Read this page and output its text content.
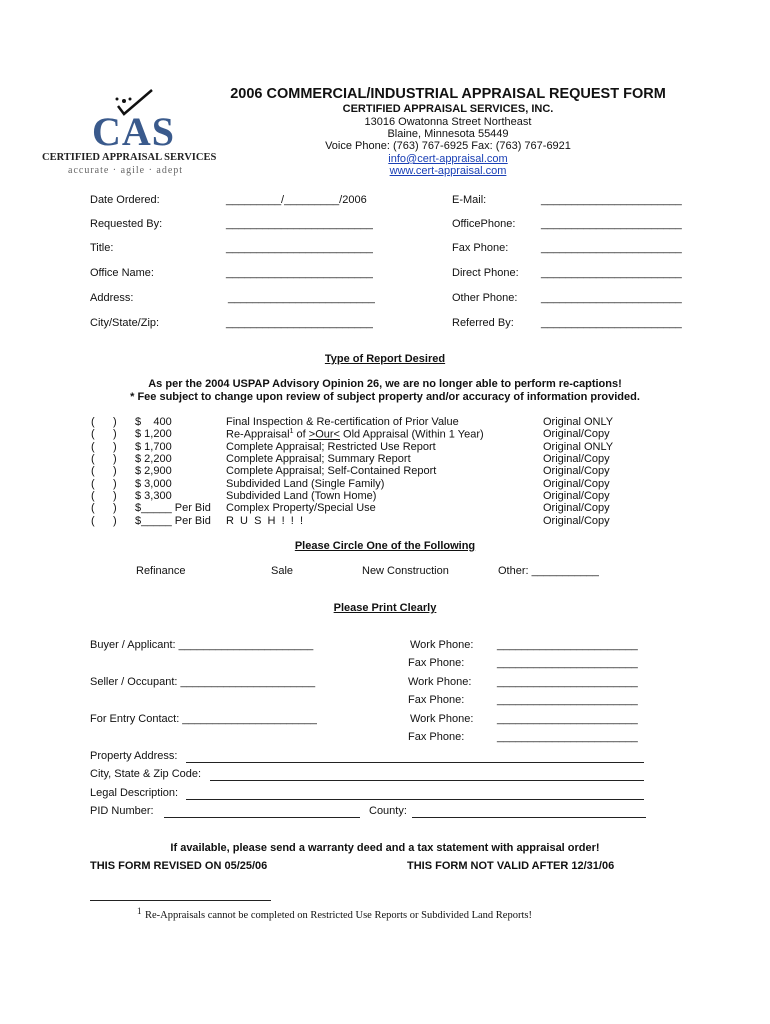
CAS
CERTIFIED APPRAISAL SERVICES
accurate · agile · adept
2006 COMMERCIAL/INDUSTRIAL APPRAISAL REQUEST FORM
CERTIFIED APPRAISAL SERVICES, INC.
13016 Owatonna Street Northeast
Blaine, Minnesota 55449
Voice Phone: (763) 767-6925 Fax: (763) 767-6921
info@cert-appraisal.com
www.cert-appraisal.com
Date Ordered:	_________/_________/2006
Requested By:	________________________
Title:	________________________
Office Name:	________________________
Address:	________________________
City/State/Zip:	________________________
E-Mail:	_______________________
OfficePhone: _______________________
Fax Phone:	_______________________
Direct Phone: _______________________
Other Phone: _______________________
Referred By: _______________________
Type of Report Desired
As per the 2004 USPAP Advisory Opinion 26, we are no longer able to perform re-captions!
* Fee subject to change upon review of subject property and/or accuracy of information provided.
(      ) $    400	Final Inspection & Re-certification of Prior Value	Original ONLY
(      ) $ 1,200	Re-Appraisal$^1$ of >Our< Old Appraisal (Within 1 Year)	Original/Copy
(      ) $ 1,700	Complete Appraisal; Restricted Use Report	Original ONLY
(      ) $ 2,200	Complete Appraisal; Summary Report	Original/Copy
(      ) $ 2,900	Complete Appraisal; Self-Contained Report	Original/Copy
(      ) $ 3,000	Subdivided Land (Single Family)	Original/Copy
(      ) $ 3,300	Subdivided Land (Town Home)	Original/Copy
(      ) $_____ Per Bid Complex Property/Special Use	Original/Copy
(      ) $_____ Per Bid R  U  S  H  !  !  !	Original/Copy
Please Circle One of the Following
Refinance	Sale	New Construction	Other: ___________
Please Print Clearly
Buyer / Applicant: ______________________	Work Phone: _______________________
Fax Phone:	_______________________
Seller / Occupant: ______________________	Work Phone: _______________________
Fax Phone:	_______________________
For Entry Contact: ______________________	Work Phone: _______________________
Fax Phone:	_______________________
Property Address:
City, State & Zip Code:
Legal Description:
PID Number:	County:
If available, please send a warranty deed and a tax statement with appraisal order!
THIS FORM REVISED ON 05/25/06	THIS FORM NOT VALID AFTER 12/31/06
1 Re-Appraisals cannot be completed on Restricted Use Reports or Subdivided Land Reports!
